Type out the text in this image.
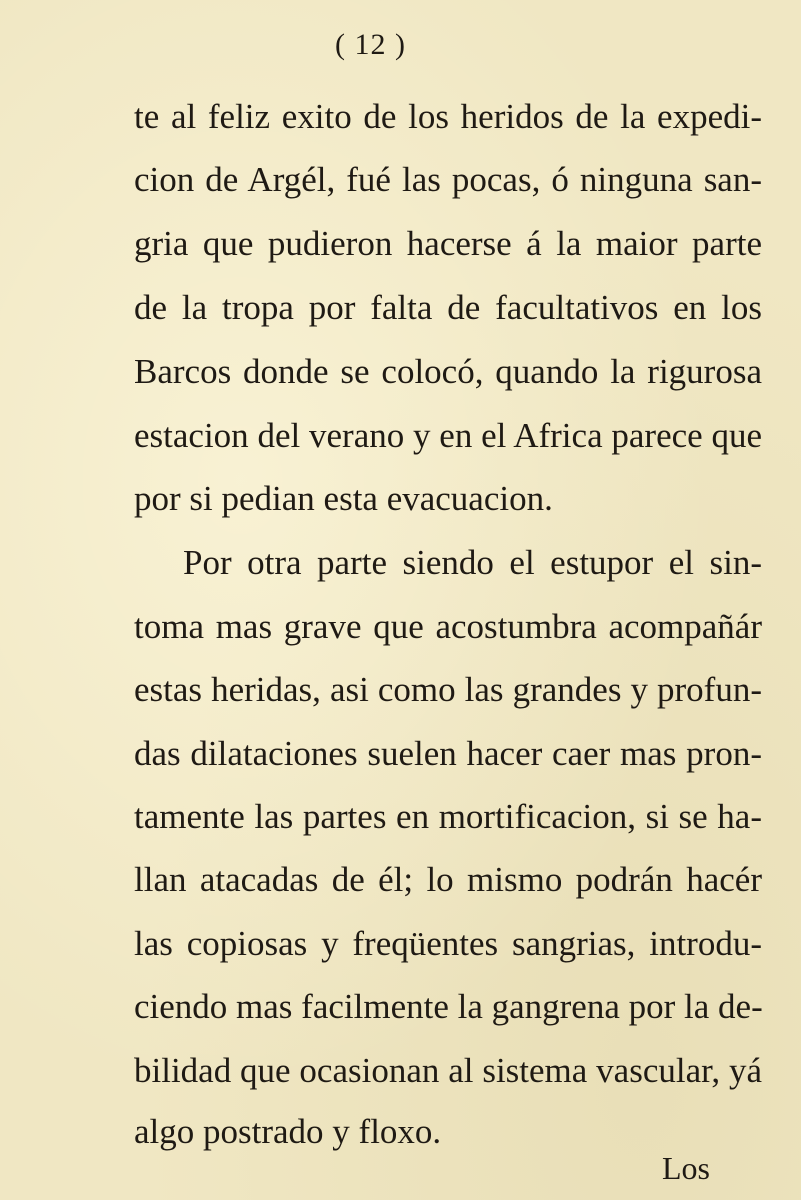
( 12 )
te al feliz exito de los heridos de la expedi-
cion de Argél, fué las pocas, ó ninguna san-
gria que pudieron hacerse á la maior parte
de la tropa por falta de facultativos en los
Barcos donde se colocó, quando la rigurosa
estacion del verano y en el Africa parece que
por si pedian esta evacuacion.
Por otra parte siendo el estupor el sin-
toma mas grave que acostumbra acompañár
estas heridas, asi como las grandes y profun-
das dilataciones suelen hacer caer mas pron-
tamente las partes en mortificacion, si se ha-
llan atacadas de él; lo mismo podrán hacér
las copiosas y freqüentes sangrias, introdu-
ciendo mas facilmente la gangrena por la de-
bilidad que ocasionan al sistema vascular, yá
algo postrado y floxo.
Los
